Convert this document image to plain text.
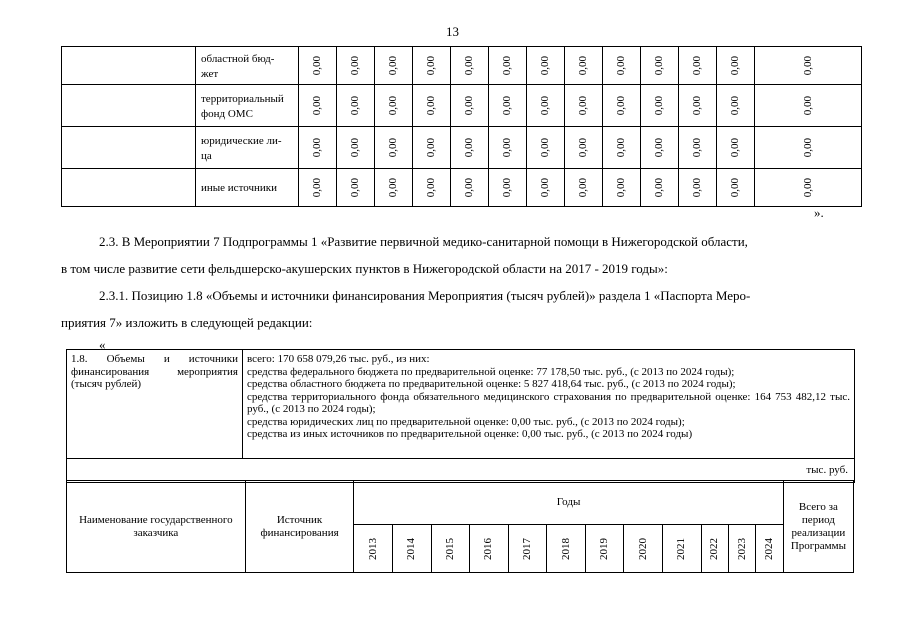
13
	областной бюд-
жет	0,00	0,00	0,00	0,00	0,00	0,00	0,00	0,00	0,00	0,00	0,00	0,00	0,00

	территориальный
фонд ОМС	0,00	0,00	0,00	0,00	0,00	0,00	0,00	0,00	0,00	0,00	0,00	0,00	0,00

	юридические ли-
ца	0,00	0,00	0,00	0,00	0,00	0,00	0,00	0,00	0,00	0,00	0,00	0,00	0,00

	иные источники	0,00	0,00	0,00	0,00	0,00	0,00	0,00	0,00	0,00	0,00	0,00	0,00	0,00
».
2.3. В Мероприятии 7 Подпрограммы 1 «Развитие первичной медико-санитарной помощи в Нижегородской области,
в том числе развитие сети фельдшерско-акушерских пунктов в Нижегородской области на 2017 - 2019 годы»:
2.3.1. Позицию 1.8 «Объемы и источники финансирования Мероприятия (тысяч рублей)» раздела 1 «Паспорта Меро-
приятия 7» изложить в следующей редакции:
«
1.8. Объемы и источники финансирования мероприятия (тысяч рублей)	
всего: 170 658 079,26 тыс. руб., из них:
средства федерального бюджета по предварительной оценке: 77 178,50 тыс. руб., (с 2013 по 2024 годы);
средства областного бюджета по предварительной оценке: 5 827 418,64 тыс. руб., (с 2013 по 2024 годы);
средства территориального фонда обязательного медицинского страхования по предварительной оценке: 164 753 482,12 тыс. руб., (с 2013 по 2024 годы);
средства юридических лиц по предварительной оценке: 0,00 тыс. руб., (с 2013 по 2024 годы);
средства из иных источников по предварительной оценке: 0,00 тыс. руб., (с 2013 по 2024 годы)

тыс. руб.
Наименование государственного заказчика	Источник финансирования	Годы												Всего за период реализации Программы

		2013	2014	2015	2016	2017	2018	2019	2020	2021	2022	2023	2024	
